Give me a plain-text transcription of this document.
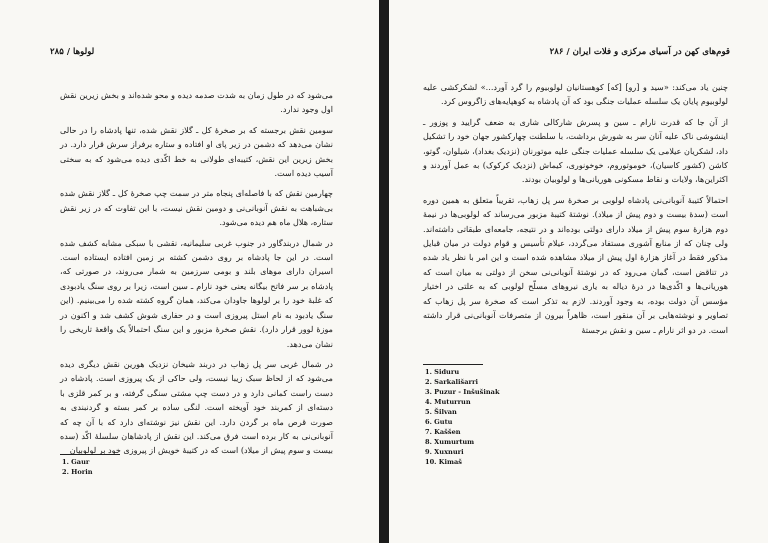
لولوها / ۲۸۵

می‌شود که در طول زمان به شدت صدمه دیده و محو شده‌اند و بخش زیرین نقش اول وجود ندارد.

سومین نقش برجسته که بر صخرهٔ کل ـ گلاز نقش شده، تنها پادشاه را در حالی نشان می‌دهد که دشمن در زیر پای او افتاده و ستاره برفراز سرش قرار دارد. در بخش زیرین این نقش، کتیبه‌ای طولانی به خط اکّدی دیده می‌شود که به سختی آسیب دیده است.

چهارمین نقش که با فاصله‌ای پنجاه متر در سمت چپ صخرهٔ کل ـ گلاز نقش شده بی‌شباهت به نقش آنوبانی‌نی و دومین نقش نیست، با این تفاوت که در زیر نقش ستاره، هلال ماه هم دیده می‌شود.

در شمال دربندگاور در جنوب غربی سلیمانیه، نقشی با سبکی مشابه کشف شده است. در این جا پادشاه بر روی دشمن کشته بر زمین افتاده ایستاده است. اسیران دارای موهای بلند و بومی سرزمین به شمار می‌روند، در صورتی که، پادشاه بر سر فاتح بیگانه یعنی خود نارام ـ سین است، زیرا بر روی سنگ یادبودی که غلبهٔ خود را بر لولوها جاودان می‌کند، همان گروه کشته شده را می‌بینیم. (این سنگ یادبود به نام استل پیروزی است و در حفاری شوش کشف شد و اکنون در موزهٔ لوور قرار دارد). نقش صخرهٔ مزبور و این سنگ احتمالاً یک واقعهٔ تاریخی را نشان می‌دهد.

در شمال غربی سر پل زهاب در دربند شیخان نزدیک هورین نقش دیگری دیده می‌شود که از لحاظ سبک زیبا نیست، ولی حاکی از یک پیروزی است. پادشاه در دست راست کمانی دارد و در دست چپ مشتی سنگی گرفته، و بر کمر قلزی با دسته‌ای از کمربند خود آویخته است. لنگی ساده بر کمر بسته و گردنبندی به صورت قرص ماه بر گردن دارد. این نقش نیز نوشته‌ای دارد که با آن چه که آنوبانی‌نی به کار برده است فرق می‌کند. این نقش از پادشاهان سلسلهٔ اکّد (سده بیست و سوم پیش از میلاد) است که در کتیبهٔ خویش از پیروزی خود بر لولوبیان

1. Gaur
2. Horin
۲۸۶ / قوم‌های کهن در آسیای مرکزی و فلات ایران

چنین یاد می‌کند: «سید و [رو] [که] کوهستانیان لولوبیوم را گرد آورد...» لشکرکشی علیه لولوبیوم پایان یک سلسله عملیات جنگی بود که آن پادشاه به کوهپایه‌های زاگروس کرد.

از آن جا که قدرت نارام ـ سین و پسرش شارکالی شاری به ضعف گرایید و پوزور ـ اینشوشی ناک علیه آنان سر به شورش برداشت، با سلطنت چهارکشور جهان خود را تشکیل داد، لشکریان عیلامی یک سلسله عملیات جنگی علیه موتورنان (نزدیک بغداد)، شیلوان، گوتو، کاشن (کشور کاسیان)، خوموتوروم، خوخونوری، کیماش (نزدیک کرکوک) به عمل آوردند و اکثراین‌ها، ولایات و نقاط مسکونی هوریانی‌ها و لولوبیان بودند.

احتمالاً کتیبهٔ آنوبانی‌نی پادشاه لولوبی بر صخرهٔ سر پل زهاب، تقریباً متعلق به همین دوره است (سدهٔ بیست و دوم پیش از میلاد). نوشتهٔ کتیبهٔ مزبور می‌رساند که لولوبی‌ها در نیمهٔ دوم هزارهٔ سوم پیش از میلاد دارای دولتی بوده‌اند و در نتیجه، جامعه‌ای طبقاتی داشته‌اند. ولی چنان که از منابع آشوری مستفاد می‌گردد، عیلام تأسیس و قوام دولت در میان قبایل مذکور فقط در آغاز هزارهٔ اول پیش از میلاد مشاهده شده است و این امر با نظر یاد شده در تناقض است، گمان می‌رود که در نوشتهٔ آنوبانی‌نی سخن از دولتی به میان است که هوریانی‌ها و اکّدی‌ها در درهٔ دیاله به یاری نیروهای مسلّح لولوبی که به علتی در اختیار مؤسس آن دولت بوده، به وجود آوردند. لازم به تذکر است که صخرهٔ سر پل زهاب که تصاویر و نوشته‌هایی بر آن منقور است، ظاهراً بیرون از متصرفات آنوبانی‌نی قرار داشته است. در دو اثر نارام ـ سین و نقش برجستهٔ

1. Siduru
2. Sarkališarri
3. Puzur - Inšušinak
4. Muturrun
5. Šilvan
6. Gutu
7. Kaššen
8. Xumurtum
9. Xuxnuri
10. Kimaš
